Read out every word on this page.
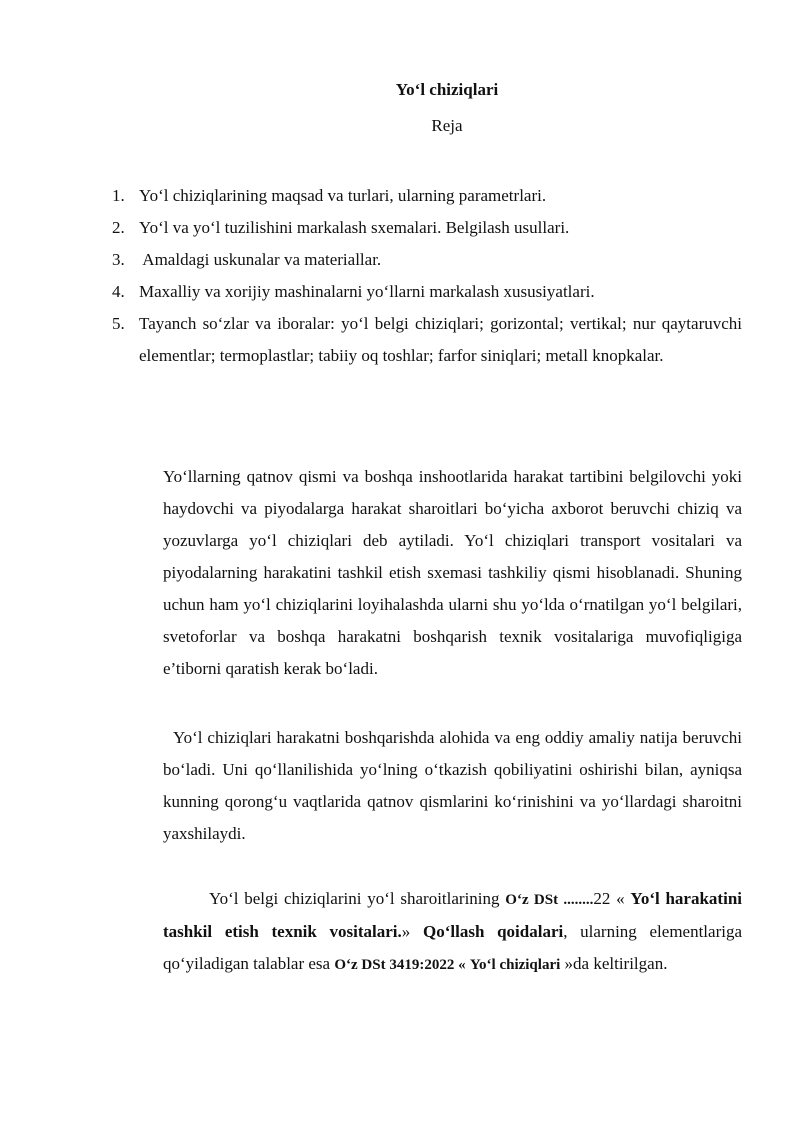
Yo‘l chiziqlari
Reja
1. Yo‘l chiziqlarining maqsad va turlari, ularning parametrlari.
2. Yo‘l va yo‘l tuzilishini markalash sxemalari. Belgilash usullari.
3. Amaldagi uskunalar va materiallar.
4. Maxalliy va xorijiy mashinalarni yo‘llarni markalash xususiyatlari.
5. Tayanch so‘zlar va iboralar: yo‘l belgi chiziqlari; gorizontal; vertikal; nur qaytaruvchi elementlar; termoplastlar; tabiiy oq toshlar; farfor siniqlari; metall knopkalar.

Yo‘llarning qatnov qismi va boshqa inshootlarida harakat tartibini belgilovchi yoki haydovchi va piyodalarga harakat sharoitlari bo‘yicha axborot beruvchi chiziq va yozuvlarga yo‘l chiziqlari deb aytiladi. Yo‘l chiziqlari transport vositalari va piyodalarning harakatini tashkil etish sxemasi tashkiliy qismi hisoblanadi. Shuning uchun ham yo‘l chiziqlarini loyihalashda ularni shu yo‘lda o‘rnatilgan yo‘l belgilari, svetoforlar va boshqa harakatni boshqarish texnik vositalariga muvofiqligiga e’tiborni qaratish kerak bo‘ladi.

Yo‘l chiziqlari harakatni boshqarishda alohida va eng oddiy amaliy natija beruvchi bo‘ladi. Uni qo‘llanilishida yo‘lning o‘tkazish qobiliyatini oshirishi bilan, ayniqsa kunning qorong‘u vaqtlarida qatnov qismlarini ko‘rinishini va yo‘llardagi sharoitni yaxshilaydi.

Yo‘l belgi chiziqlarini yo‘l sharoitlarining O‘z DSt ........22 « Yo‘l harakatini tashkil etish texnik vositalari.» Qo‘llash qoidalari, ularning elementlariga qo‘yiladigan talablar esa O‘z DSt 3419:2022 « Yo‘l chiziqlari »da keltirilgan.
